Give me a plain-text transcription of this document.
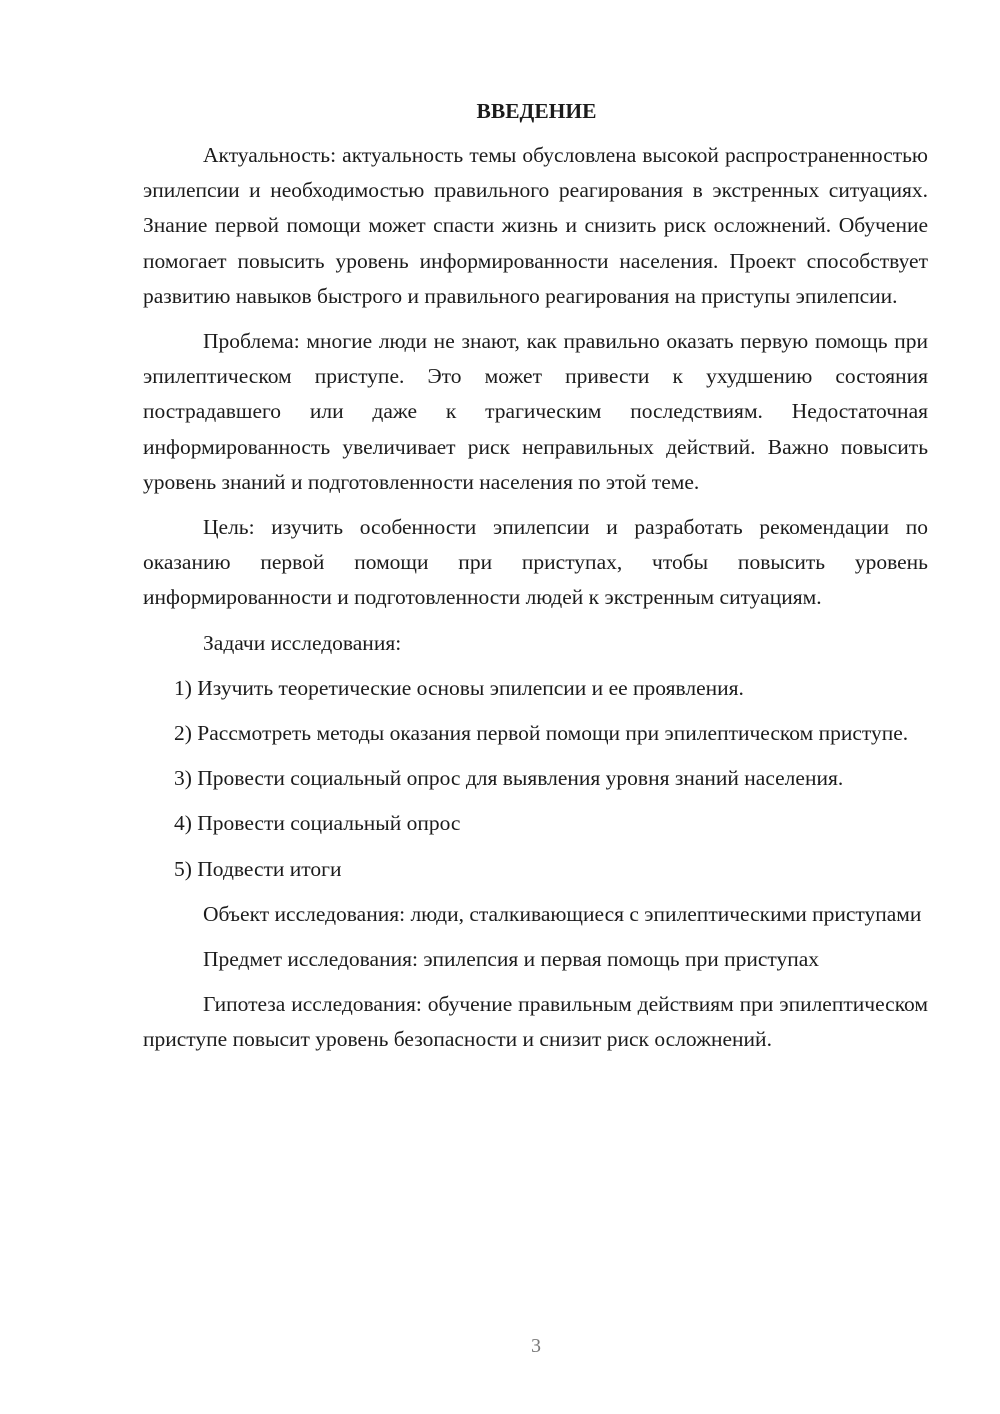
ВВЕДЕНИЕ

Актуальность: актуальность темы обусловлена высокой распространенностью эпилепсии и необходимостью правильного реагирования в экстренных ситуациях. Знание первой помощи может спасти жизнь и снизить риск осложнений. Обучение помогает повысить уровень информированности населения. Проект способствует развитию навыков быстрого и правильного реагирования на приступы эпилепсии.

Проблема: многие люди не знают, как правильно оказать первую помощь при эпилептическом приступе. Это может привести к ухудшению состояния пострадавшего или даже к трагическим последствиям. Недостаточная информированность увеличивает риск неправильных действий. Важно повысить уровень знаний и подготовленности населения по этой теме.

Цель: изучить особенности эпилепсии и разработать рекомендации по оказанию первой помощи при приступах, чтобы повысить уровень информированности и подготовленности людей к экстренным ситуациям.

Задачи исследования:

1) Изучить теоретические основы эпилепсии и ее проявления.

2) Рассмотреть методы оказания первой помощи при эпилептическом приступе.

3) Провести социальный опрос для выявления уровня знаний населения.

4) Провести социальный опрос

5) Подвести итоги

Объект исследования: люди, сталкивающиеся с эпилептическими приступами

Предмет исследования: эпилепсия и первая помощь при приступах

Гипотеза исследования: обучение правильным действиям при эпилептическом приступе повысит уровень безопасности и снизит риск осложнений.

3
